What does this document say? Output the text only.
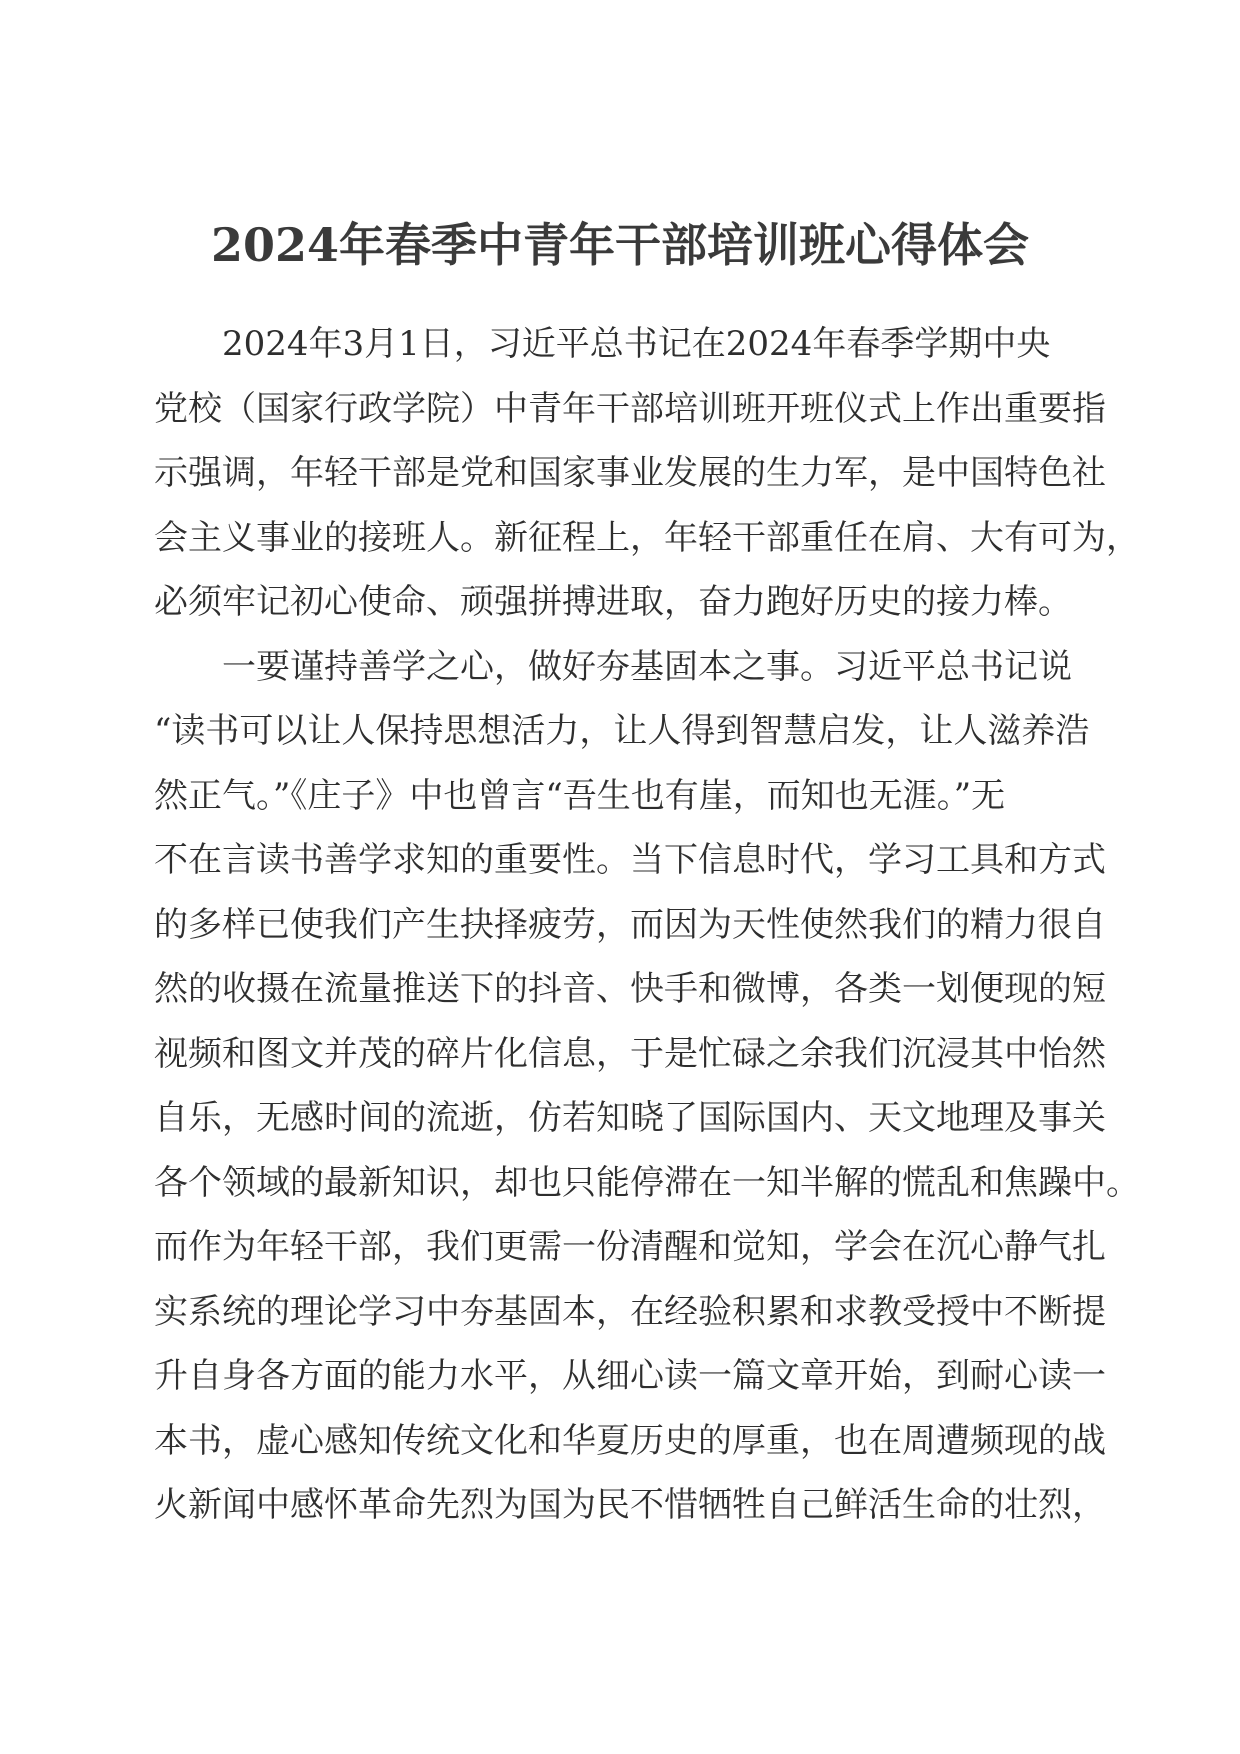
2024年春季中青年干部培训班心得体会
2024年3月1日，习近平总书记在2024年春季学期中央
党校（国家行政学院）中青年干部培训班开班仪式上作出重要指
示强调，年轻干部是党和国家事业发展的生力军，是中国特色社
会主义事业的接班人。新征程上，年轻干部重任在肩、大有可为，
必须牢记初心使命、顽强拼搏进取，奋力跑好历史的接力棒。
一要谨持善学之心，做好夯基固本之事。习近平总书记说
“读书可以让人保持思想活力，让人得到智慧启发，让人滋养浩
然正气。”《庄子》中也曾言“吾生也有崖，而知也无涯。”无
不在言读书善学求知的重要性。当下信息时代，学习工具和方式
的多样已使我们产生抉择疲劳，而因为天性使然我们的精力很自
然的收摄在流量推送下的抖音、快手和微博，各类一划便现的短
视频和图文并茂的碎片化信息，于是忙碌之余我们沉浸其中怡然
自乐，无感时间的流逝，仿若知晓了国际国内、天文地理及事关
各个领域的最新知识，却也只能停滞在一知半解的慌乱和焦躁中。
而作为年轻干部，我们更需一份清醒和觉知，学会在沉心静气扎
实系统的理论学习中夯基固本，在经验积累和求教受授中不断提
升自身各方面的能力水平，从细心读一篇文章开始，到耐心读一
本书，虚心感知传统文化和华夏历史的厚重，也在周遭频现的战
火新闻中感怀革命先烈为国为民不惜牺牲自己鲜活生命的壮烈，
